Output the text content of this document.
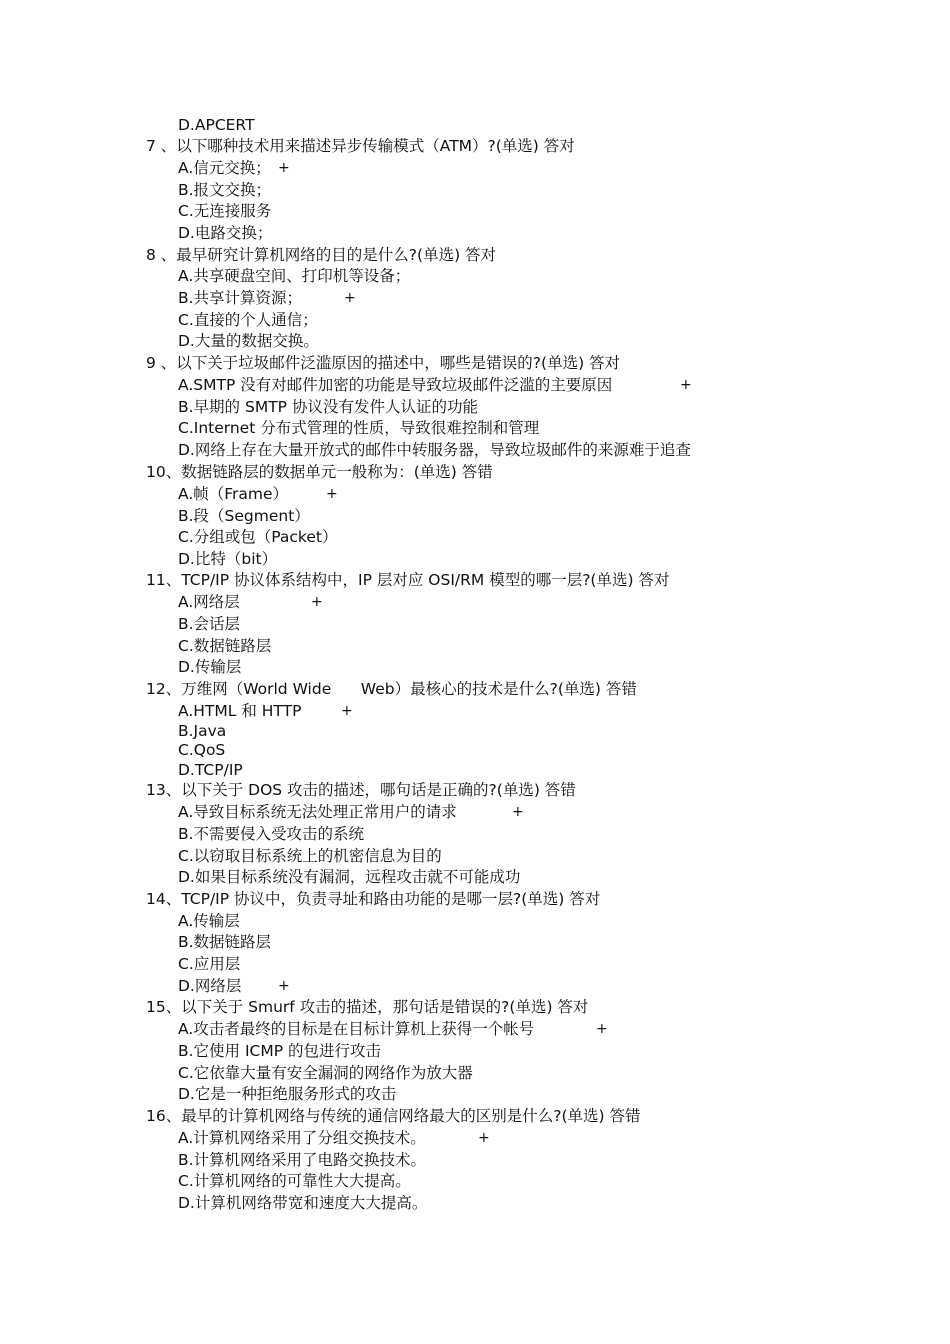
D.APCERT
7 、以下哪种技术用来描述异步传输模式（ATM）?(单选) 答对
A.信元交换； +
B.报文交换；
C.无连接服务
D.电路交换；
8 、最早研究计算机网络的目的是什么?(单选) 答对
A.共享硬盘空间、打印机等设备；
B.共享计算资源；	+
C.直接的个人通信；
D.大量的数据交换。
9 、以下关于垃圾邮件泛滥原因的描述中，哪些是错误的?(单选) 答对
A.SMTP 没有对邮件加密的功能是导致垃圾邮件泛滥的主要原因	+
B.早期的 SMTP 协议没有发件人认证的功能
C.Internet 分布式管理的性质，导致很难控制和管理
D.网络上存在大量开放式的邮件中转服务器，导致垃圾邮件的来源难于追查
10、数据链路层的数据单元一般称为：(单选) 答错
A.帧（Frame）	+
B.段（Segment）
C.分组或包（Packet）
D.比特（bit）
11、TCP/IP 协议体系结构中，IP 层对应 OSI/RM 模型的哪一层?(单选) 答对
A.网络层	+
B.会话层
C.数据链路层
D.传输层
12、万维网（World Wide      Web）最核心的技术是什么?(单选) 答错
A.HTML 和 HTTP	+
B.Java
C.QoS
D.TCP/IP
13、以下关于 DOS 攻击的描述，哪句话是正确的?(单选) 答错
A.导致目标系统无法处理正常用户的请求	+
B.不需要侵入受攻击的系统
C.以窃取目标系统上的机密信息为目的
D.如果目标系统没有漏洞，远程攻击就不可能成功
14、TCP/IP 协议中，负责寻址和路由功能的是哪一层?(单选) 答对
A.传输层
B.数据链路层
C.应用层
D.网络层	+
15、以下关于 Smurf 攻击的描述，那句话是错误的?(单选) 答对
A.攻击者最终的目标是在目标计算机上获得一个帐号	+
B.它使用 ICMP 的包进行攻击
C.它依靠大量有安全漏洞的网络作为放大器
D.它是一种拒绝服务形式的攻击
16、最早的计算机网络与传统的通信网络最大的区别是什么?(单选) 答错
A.计算机网络采用了分组交换技术。	+
B.计算机网络采用了电路交换技术。
C.计算机网络的可靠性大大提高。
D.计算机网络带宽和速度大大提高。
